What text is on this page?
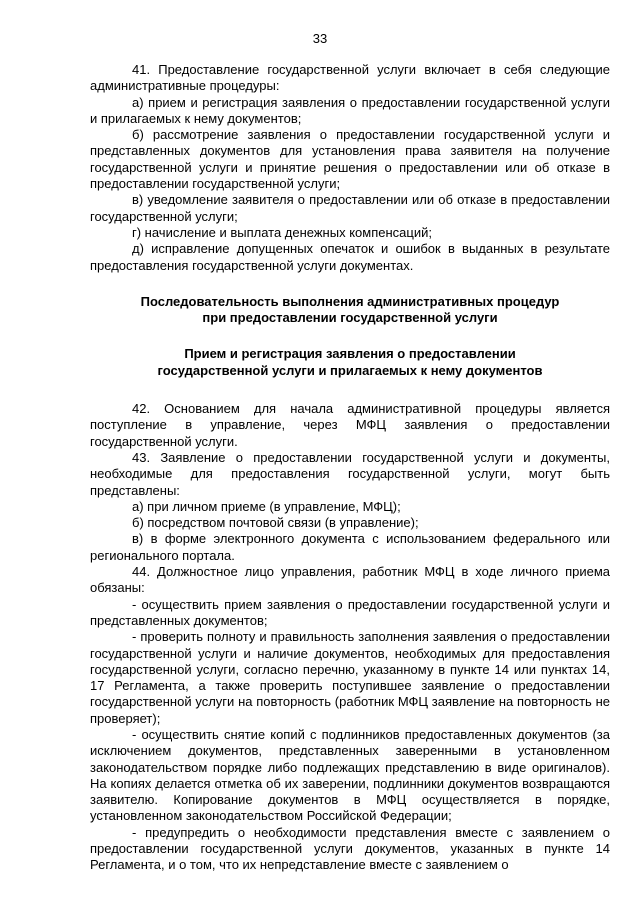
33

41. Предоставление государственной услуги включает в себя следующие административные процедуры:

а) прием и регистрация заявления о предоставлении государственной услуги и прилагаемых к нему документов;

б) рассмотрение заявления о предоставлении государственной услуги и представленных документов для установления права заявителя на получение государственной услуги и принятие решения о предоставлении или об отказе в предоставлении государственной услуги;

в) уведомление заявителя о предоставлении или об отказе в предоставлении государственной услуги;

г) начисление и выплата денежных компенсаций;

д) исправление допущенных опечаток и ошибок в выданных в результате предоставления государственной услуги документах.

Последовательность выполнения административных процедур
при предоставлении государственной услуги
Прием и регистрация заявления о предоставлении
государственной услуги и прилагаемых к нему документов

42. Основанием для начала административной процедуры является поступление в управление, через МФЦ заявления о предоставлении государственной услуги.

43. Заявление о предоставлении государственной услуги и документы, необходимые для предоставления государственной услуги, могут быть представлены:

а) при личном приеме (в управление, МФЦ);

б) посредством почтовой связи (в управление);

в) в форме электронного документа с использованием федерального или регионального портала.

44. Должностное лицо управления, работник МФЦ в ходе личного приема обязаны:

- осуществить прием заявления о предоставлении государственной услуги и представленных документов;

- проверить полноту и правильность заполнения заявления о предоставлении государственной услуги и наличие документов, необходимых для предоставления государственной услуги, согласно перечню, указанному в пункте 14 или пунктах 14, 17 Регламента, а также проверить поступившее заявление о предоставлении государственной услуги на повторность (работник МФЦ заявление на повторность не проверяет);

- осуществить снятие копий с подлинников предоставленных документов (за исключением документов, представленных заверенными в установленном законодательством порядке либо подлежащих представлению в виде оригиналов). На копиях делается отметка об их заверении, подлинники документов возвращаются заявителю. Копирование документов в МФЦ осуществляется в порядке, установленном законодательством Российской Федерации;

- предупредить о необходимости представления вместе с заявлением о предоставлении государственной услуги документов, указанных в пункте 14 Регламента, и о том, что их непредставление вместе с заявлением о
